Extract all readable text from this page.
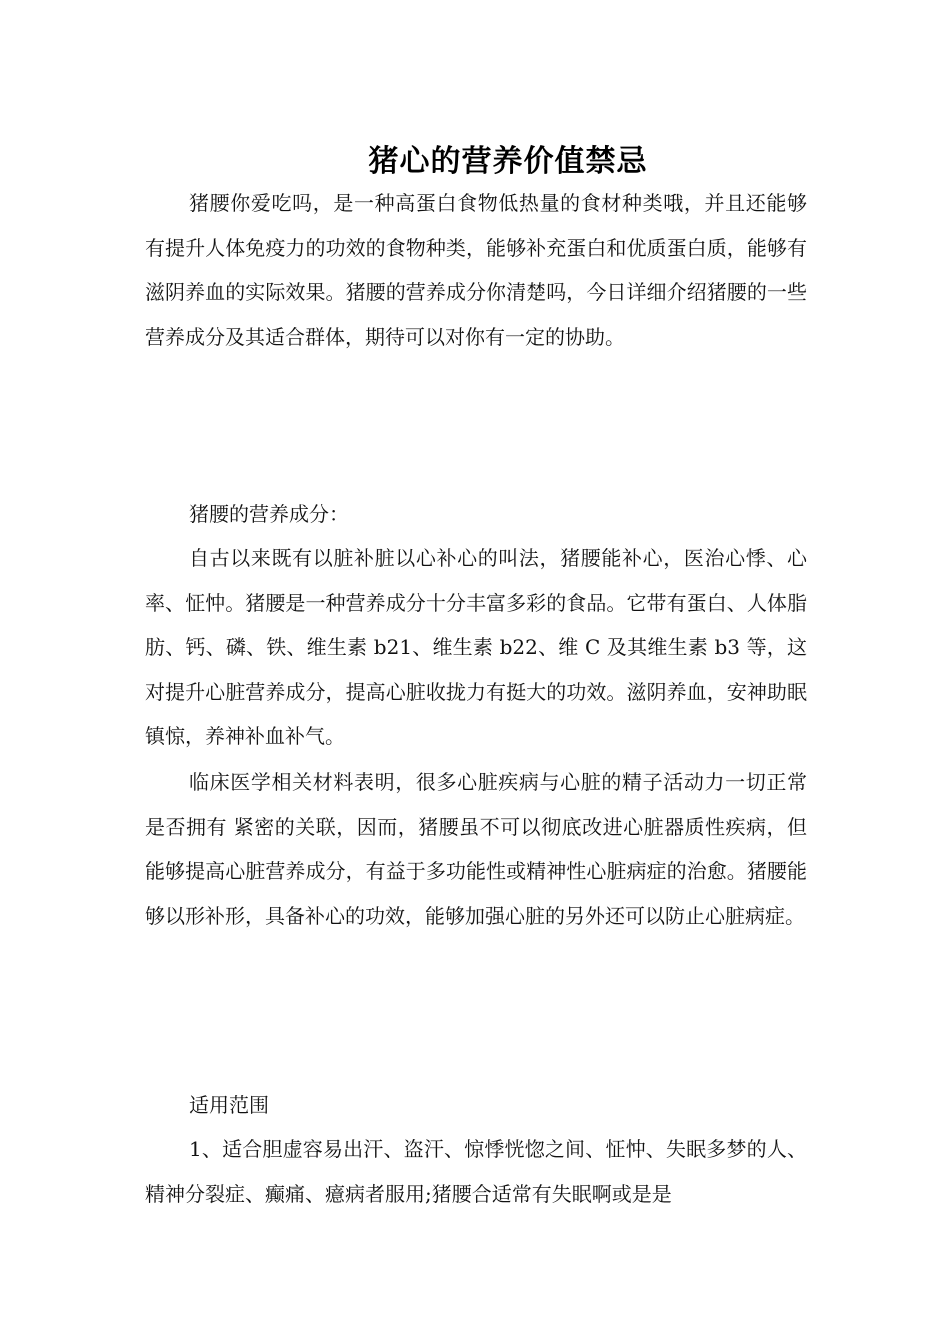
猪心的营养价值禁忌

猪腰你爱吃吗，是一种高蛋白食物低热量的食材种类哦，并且还能够有提升人体免疫力的功效的食物种类，能够补充蛋白和优质蛋白质，能够有滋阴养血的实际效果。猪腰的营养成分你清楚吗，今日详细介绍猪腰的一些营养成分及其适合群体，期待可以对你有一定的协助。

猪腰的营养成分：

自古以来既有以脏补脏以心补心的叫法，猪腰能补心，医治心悸、心率、怔忡。猪腰是一种营养成分十分丰富多彩的食品。它带有蛋白、人体脂肪、钙、磷、铁、维生素 b21、维生素 b22、维 C 及其维生素 b3 等，这对提升心脏营养成分，提高心脏收拢力有挺大的功效。滋阴养血，安神助眠镇惊，养神补血补气。

临床医学相关材料表明，很多心脏疾病与心脏的精子活动力一切正常是否拥有 紧密的关联，因而，猪腰虽不可以彻底改进心脏器质性疾病，但能够提高心脏营养成分，有益于多功能性或精神性心脏病症的治愈。猪腰能够以形补形，具备补心的功效，能够加强心脏的另外还可以防止心脏病症。

适用范围

1、适合胆虚容易出汗、盗汗、惊悸恍惚之间、怔忡、失眠多梦的人、精神分裂症、癫痛、癔病者服用;猪腰合适常有失眠啊或是是
